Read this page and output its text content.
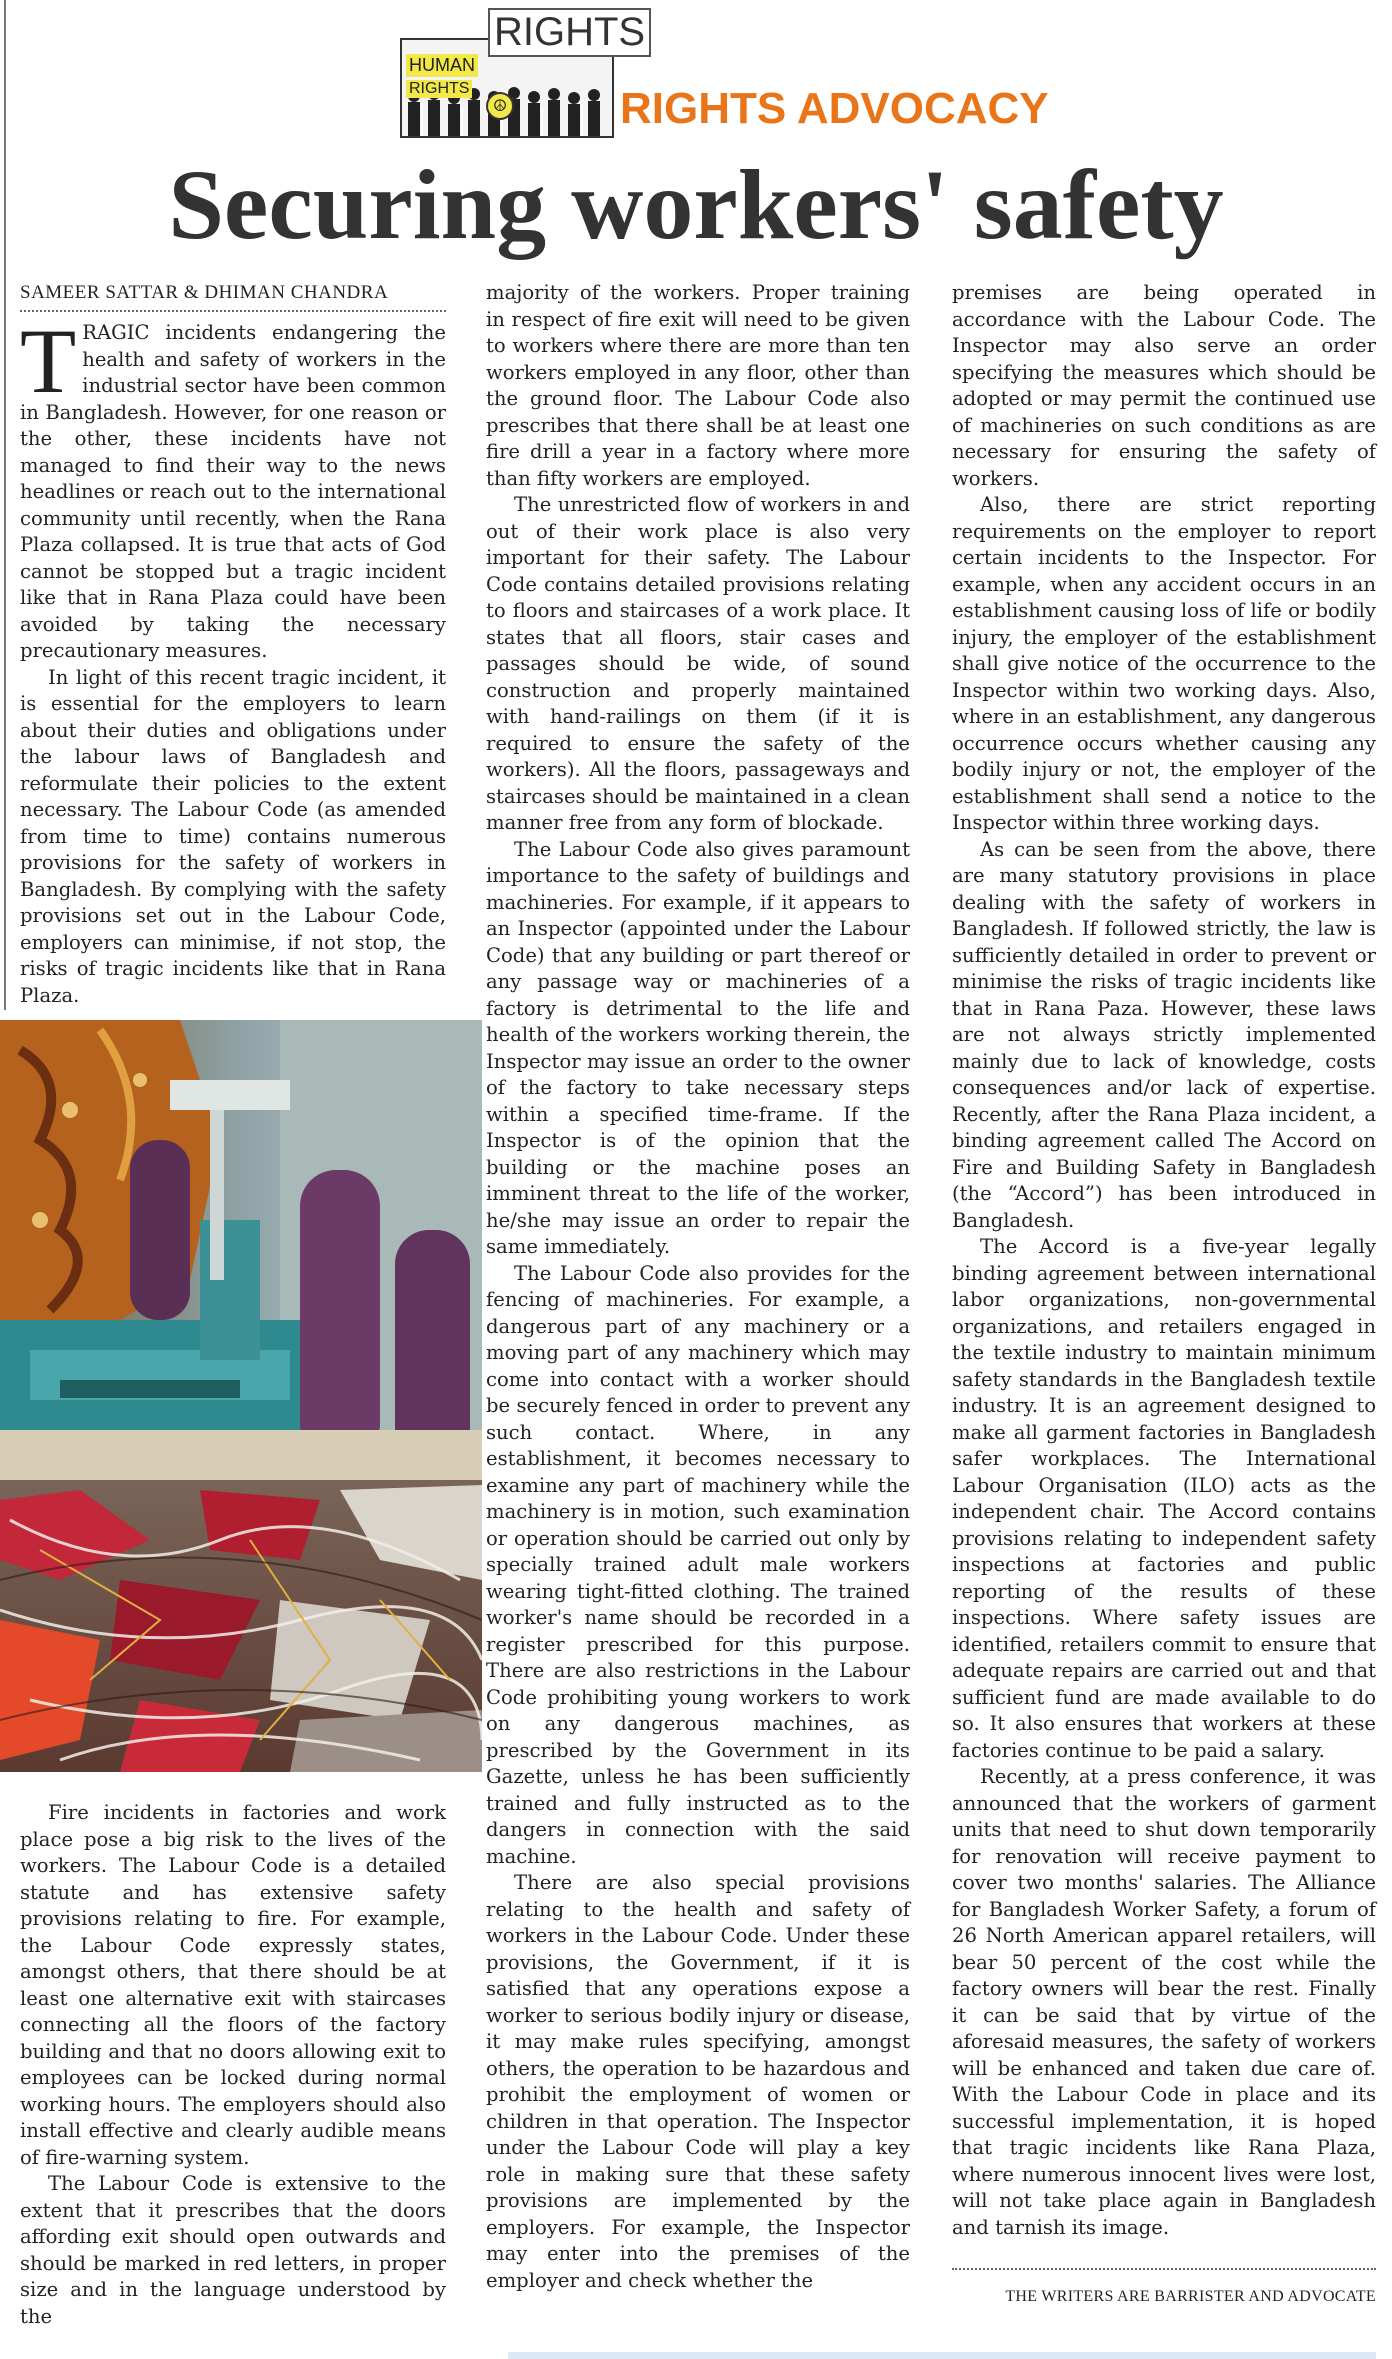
HUMAN
RIGHTS
☮
RIGHTS
RIGHTS ADVOCACY
Securing workers' safety
SAMEER SATTAR & DHIMAN CHANDRA

TRAGIC incidents endangering the health and safety of workers in the industrial sector have been common in Bangladesh. However, for one reason or the other, these incidents have not managed to find their way to the news headlines or reach out to the international community until recently, when the Rana Plaza collapsed. It is true that acts of God cannot be stopped but a tragic incident like that in Rana Plaza could have been avoided by taking the necessary precautionary measures.

In light of this recent tragic incident, it is essential for the employers to learn about their duties and obligations under the labour laws of Bangladesh and reformulate their policies to the extent necessary. The Labour Code (as amended from time to time) contains numerous provisions for the safety of workers in Bangladesh. By complying with the safety provisions set out in the Labour Code, employers can minimise, if not stop, the risks of tragic incidents like that in Rana Plaza.

Fire incidents in factories and work place pose a big risk to the lives of the workers. The Labour Code is a detailed statute and has extensive safety provisions relating to fire. For example, the Labour Code expressly states, amongst others, that there should be at least one alternative exit with staircases connecting all the floors of the factory building and that no doors allowing exit to employees can be locked during normal working hours. The employers should also install effective and clearly audible means of fire-warning system.

The Labour Code is extensive to the extent that it prescribes that the doors affording exit should open outwards and should be marked in red letters, in proper size and in the language understood by the

majority of the workers. Proper training in respect of fire exit will need to be given to workers where there are more than ten workers employed in any floor, other than the ground floor. The Labour Code also prescribes that there shall be at least one fire drill a year in a factory where more than fifty workers are employed.

The unrestricted flow of workers in and out of their work place is also very important for their safety. The Labour Code contains detailed provisions relating to floors and staircases of a work place. It states that all floors, stair cases and passages should be wide, of sound construction and properly maintained with hand-railings on them (if it is required to ensure the safety of the workers). All the floors, passageways and staircases should be maintained in a clean manner free from any form of blockade.

The Labour Code also gives paramount importance to the safety of buildings and machineries. For example, if it appears to an Inspector (appointed under the Labour Code) that any building or part thereof or any passage way or machineries of a factory is detrimental to the life and health of the workers working therein, the Inspector may issue an order to the owner of the factory to take necessary steps within a specified time-frame. If the Inspector is of the opinion that the building or the machine poses an imminent threat to the life of the worker, he/she may issue an order to repair the same immediately.

The Labour Code also provides for the fencing of machineries. For example, a dangerous part of any machinery or a moving part of any machinery which may come into contact with a worker should be securely fenced in order to prevent any such contact. Where, in any establishment, it becomes necessary to examine any part of machinery while the machinery is in motion, such examination or operation should be carried out only by specially trained adult male workers wearing tight-fitted clothing. The trained worker's name should be recorded in a register prescribed for this purpose. There are also restrictions in the Labour Code prohibiting young workers to work on any dangerous machines, as prescribed by the Government in its Gazette, unless he has been sufficiently trained and fully instructed as to the dangers in connection with the said machine.

There are also special provisions relating to the health and safety of workers in the Labour Code. Under these provisions, the Government, if it is satisfied that any operations expose a worker to serious bodily injury or disease, it may make rules specifying, amongst others, the operation to be hazardous and prohibit the employment of women or children in that operation. The Inspector under the Labour Code will play a key role in making sure that these safety provisions are implemented by the employers. For example, the Inspector may enter into the premises of the employer and check whether the

premises are being operated in accordance with the Labour Code. The Inspector may also serve an order specifying the measures which should be adopted or may permit the continued use of machineries on such conditions as are necessary for ensuring the safety of workers.

Also, there are strict reporting requirements on the employer to report certain incidents to the Inspector. For example, when any accident occurs in an establishment causing loss of life or bodily injury, the employer of the establishment shall give notice of the occurrence to the Inspector within two working days. Also, where in an establishment, any dangerous occurrence occurs whether causing any bodily injury or not, the employer of the establishment shall send a notice to the Inspector within three working days.

As can be seen from the above, there are many statutory provisions in place dealing with the safety of workers in Bangladesh. If followed strictly, the law is sufficiently detailed in order to prevent or minimise the risks of tragic incidents like that in Rana Paza. However, these laws are not always strictly implemented mainly due to lack of knowledge, costs consequences and/or lack of expertise. Recently, after the Rana Plaza incident, a binding agreement called The Accord on Fire and Building Safety in Bangladesh (the “Accord”) has been introduced in Bangladesh.

The Accord is a five-year legally binding agreement between international labor organizations, non-governmental organizations, and retailers engaged in the textile industry to maintain minimum safety standards in the Bangladesh textile industry. It is an agreement designed to make all garment factories in Bangladesh safer workplaces. The International Labour Organisation (ILO) acts as the independent chair. The Accord contains provisions relating to independent safety inspections at factories and public reporting of the results of these inspections. Where safety issues are identified, retailers commit to ensure that adequate repairs are carried out and that sufficient fund are made available to do so. It also ensures that workers at these factories continue to be paid a salary.

Recently, at a press conference, it was announced that the workers of garment units that need to shut down temporarily for renovation will receive payment to cover two months' salaries. The Alliance for Bangladesh Worker Safety, a forum of 26 North American apparel retailers, will bear 50 percent of the cost while the factory owners will bear the rest. Finally it can be said that by virtue of the aforesaid measures, the safety of workers will be enhanced and taken due care of. With the Labour Code in place and its successful implementation, it is hoped that tragic incidents like Rana Plaza, where numerous innocent lives were lost, will not take place again in Bangladesh and tarnish its image.

THE WRITERS ARE BARRISTER AND ADVOCATE
